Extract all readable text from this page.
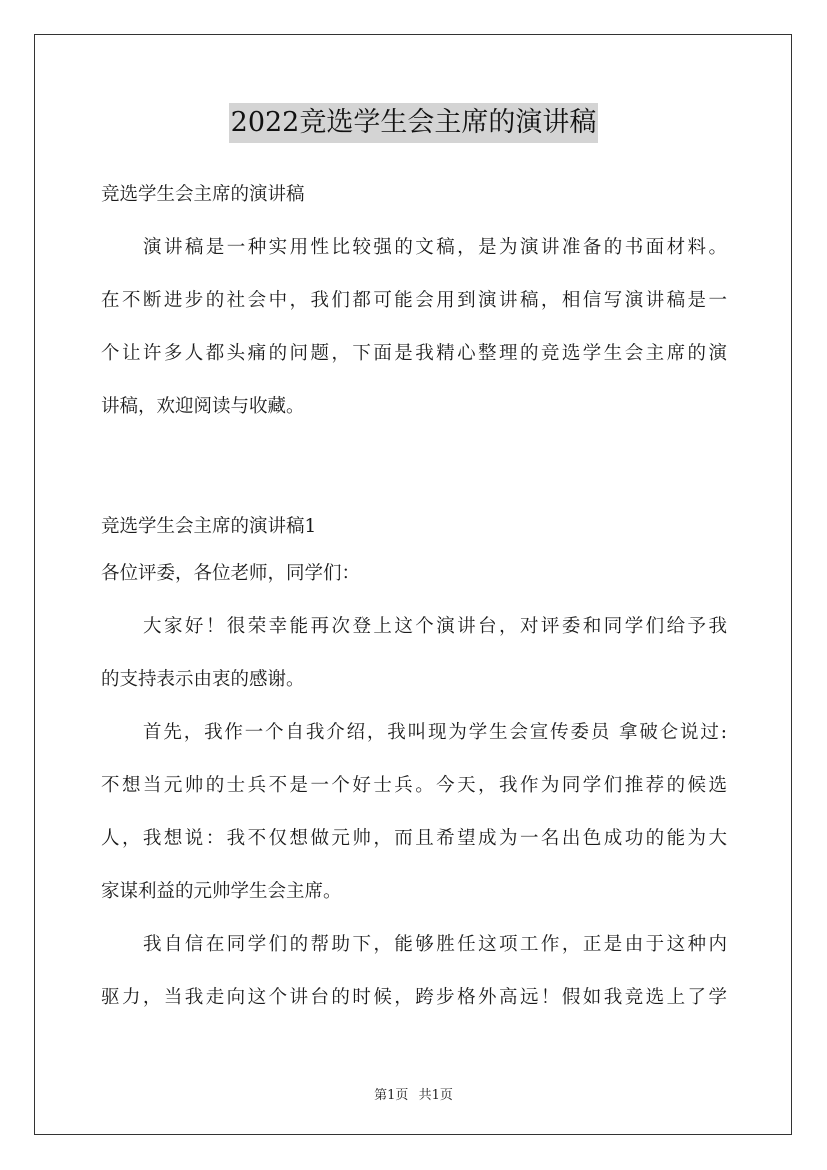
2022竞选学生会主席的演讲稿
竞选学生会主席的演讲稿
演讲稿是一种实用性比较强的文稿，是为演讲准备的书面材料。
在不断进步的社会中，我们都可能会用到演讲稿，相信写演讲稿是一
个让许多人都头痛的问题，下面是我精心整理的竞选学生会主席的演
讲稿，欢迎阅读与收藏。
竞选学生会主席的演讲稿1
各位评委，各位老师，同学们：
大家好！很荣幸能再次登上这个演讲台，对评委和同学们给予我
的支持表示由衷的感谢。
首先，我作一个自我介绍，我叫现为学生会宣传委员 拿破仑说过:
不想当元帅的士兵不是一个好士兵。今天，我作为同学们推荐的候选
人，我想说：我不仅想做元帅，而且希望成为一名出色成功的能为大
家谋利益的元帅学生会主席。
我自信在同学们的帮助下，能够胜任这项工作，正是由于这种内
驱力，当我走向这个讲台的时候，跨步格外高远！假如我竞选上了学
第1页 共1页
